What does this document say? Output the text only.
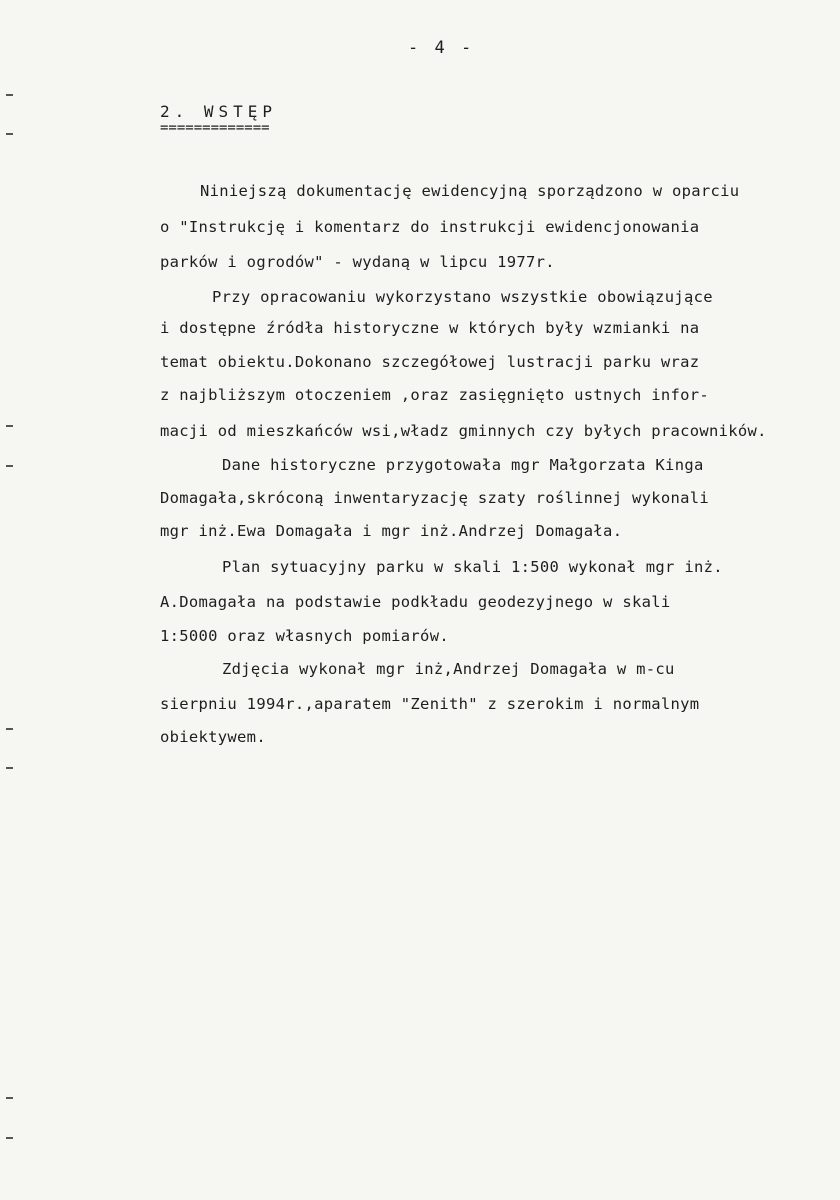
- 4 -
2. WSTĘP
=============
Niniejszą dokumentację ewidencyjną sporządzono w oparciu
o "Instrukcję i komentarz do instrukcji ewidencjonowania
parków i ogrodów" - wydaną w lipcu 1977r.
Przy opracowaniu wykorzystano wszystkie obowiązujące
i dostępne źródła historyczne w których były wzmianki na
temat obiektu.Dokonano szczegółowej lustracji parku wraz
z najbliższym otoczeniem ,oraz zasięgnięto ustnych infor-
macji od mieszkańców wsi,władz gminnych czy byłych pracowników.
Dane historyczne przygotowała mgr Małgorzata Kinga
Domagała,skróconą inwentaryzację szaty roślinnej wykonali
mgr inż.Ewa Domagała i mgr inż.Andrzej Domagała.
Plan sytuacyjny parku w skali 1:500 wykonał mgr inż.
A.Domagała na podstawie podkładu geodezyjnego w skali
1:5000 oraz własnych pomiarów.
Zdjęcia wykonał mgr inż,Andrzej Domagała w m-cu
sierpniu 1994r.,aparatem "Zenith" z szerokim i normalnym
obiektywem.
